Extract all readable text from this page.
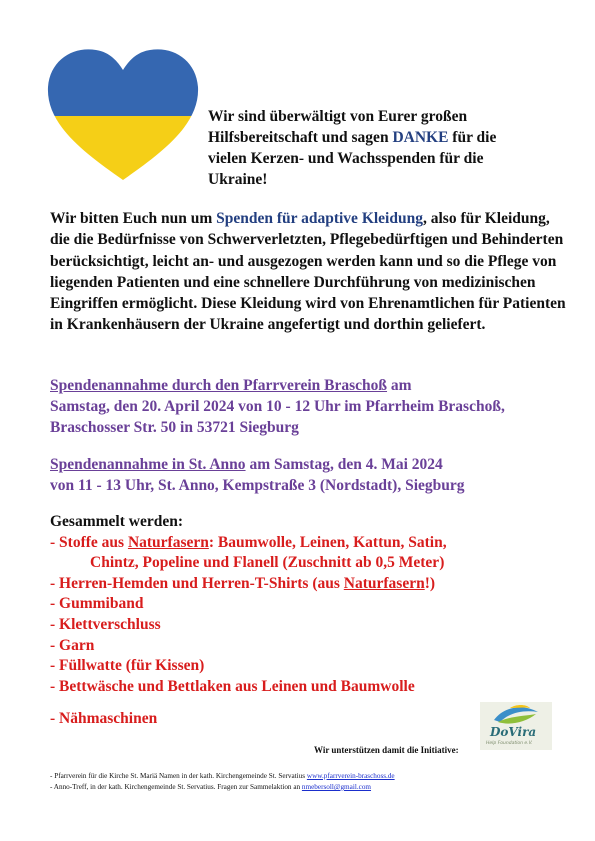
Wir sind überwältigt von Eurer großen
Hilfsbereitschaft und sagen DANKE für die
vielen Kerzen- und Wachsspenden für die
Ukraine!
Wir bitten Euch nun um Spenden für adaptive Kleidung, also für Kleidung, die die Bedürfnisse von Schwerverletzten, Pflegebedürftigen und Behinderten berücksichtigt, leicht an- und ausgezogen werden kann und so die Pflege von liegenden Patienten und eine schnellere Durchführung von medizinischen Eingriffen ermöglicht. Diese Kleidung wird von Ehrenamtlichen für Patienten in Krankenhäusern der Ukraine angefertigt und dorthin geliefert.
Spendenannahme durch den Pfarrverein Braschoß am
Samstag, den 20. April 2024 von 10 - 12 Uhr im Pfarrheim Braschoß,
Braschosser Str. 50 in 53721 Siegburg
Spendenannahme in St. Anno am Samstag, den 4. Mai 2024
von 11 - 13 Uhr, St. Anno, Kempstraße 3 (Nordstadt), Siegburg
Gesammelt werden:
- Stoffe aus Naturfasern: Baumwolle, Leinen, Kattun, Satin,
Chintz, Popeline und Flanell (Zuschnitt ab 0,5 Meter)
- Herren-Hemden und Herren-T-Shirts (aus Naturfasern!)
- Gummiband
- Klettverschluss
- Garn
- Füllwatte (für Kissen)
- Bettwäsche und Bettlaken aus Leinen und Baumwolle
- Nähmaschinen
DoVira
Help Foundation e.V.
Wir unterstützen damit die Initiative:
- Pfarrverein für die Kirche St. Mariä Namen in der kath. Kirchengemeinde St. Servatius www.pfarrverein-braschoss.de
- Anno-Treff, in der kath. Kirchengemeinde St. Servatius. Fragen zur Sammelaktion an nmebersoll@gmail.com
